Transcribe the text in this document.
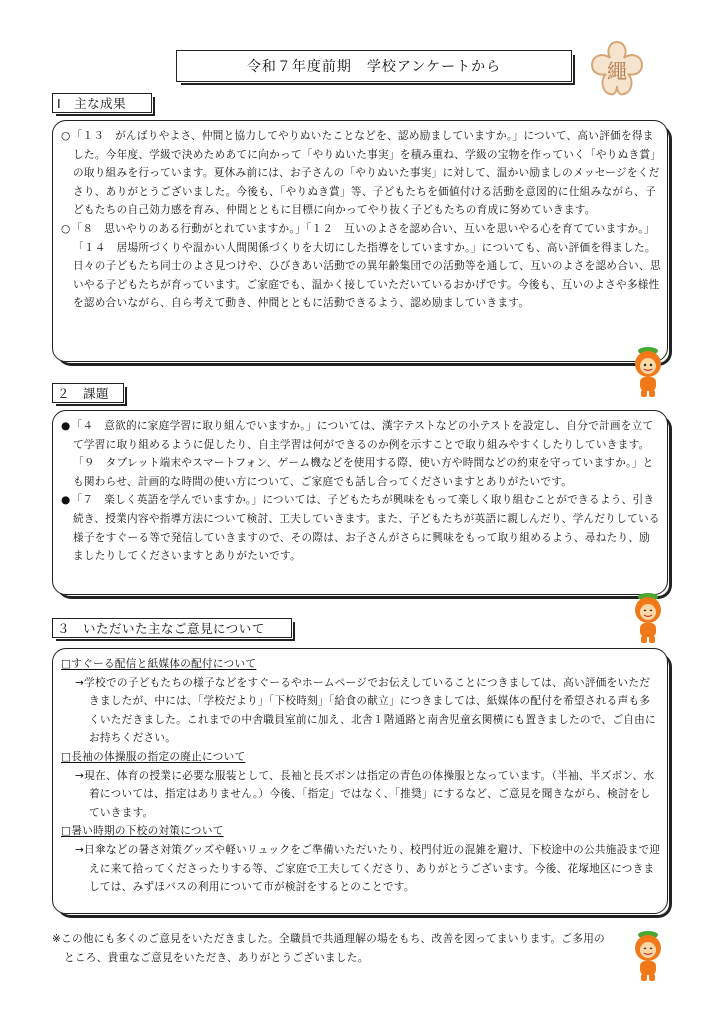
令和７年度前期　学校アンケートから	繩
Ⅰ　主な成果

○「１３　がんばりやよさ、仲間と協力してやりぬいたことなどを、認め励ましていますか。」について、高い評価を得ました。今年度、学級で決めためあてに向かって「やりぬいた事実」を積み重ね、学級の宝物を作っていく「やりぬき賞」の取り組みを行っています。夏休み前には、お子さんの「やりぬいた事実」に対して、温かい励ましのメッセージをくださり、ありがとうございました。今後も、「やりぬき賞」等、子どもたちを価値付ける活動を意図的に仕組みながら、子どもたちの自己効力感を育み、仲間とともに目標に向かってやり抜く子どもたちの育成に努めていきます。

○「８　思いやりのある行動がとれていますか。」「１２　互いのよさを認め合い、互いを思いやる心を育てていますか。」「１４　居場所づくりや温かい人間関係づくりを大切にした指導をしていますか。」についても、高い評価を得ました。日々の子どもたち同士のよさ見つけや、ひびきあい活動での異年齢集団での活動等を通して、互いのよさを認め合い、思いやる子どもたちが育っています。ご家庭でも、温かく接していただいているおかげです。今後も、互いのよさや多様性を認め合いながら、自ら考えて動き、仲間とともに活動できるよう、認め励ましていきます。

２　課題

●「４　意欲的に家庭学習に取り組んでいますか。」については、漢字テストなどの小テストを設定し、自分で計画を立てて学習に取り組めるように促したり、自主学習は何ができるのか例を示すことで取り組みやすくしたりしていきます。「９　タブレット端末やスマートフォン、ゲーム機などを使用する際、使い方や時間などの約束を守っていますか。」とも関わらせ、計画的な時間の使い方について、ご家庭でも話し合ってくださいますとありがたいです。

●「７　楽しく英語を学んでいますか。」については、子どもたちが興味をもって楽しく取り組むことができるよう、引き続き、授業内容や指導方法について検討、工夫していきます。また、子どもたちが英語に親しんだり、学んだりしている様子をすぐーる等で発信していきますので、その際は、お子さんがさらに興味をもって取り組めるよう、尋ねたり、励ましたりしてくださいますとありがたいです。

３　いただいた主なご意見について
□すぐーる配信と紙媒体の配付について
→学校での子どもたちの様子などをすぐーるやホームページでお伝えしていることにつきましては、高い評価をいただきましたが、中には、「学校だより」「下校時刻」「給食の献立」につきましては、紙媒体の配付を希望される声も多くいただきました。これまでの中舎職員室前に加え、北舎１階通路と南舎児童玄関横にも置きましたので、ご自由にお持ちください。
□長袖の体操服の指定の廃止について
→現在、体育の授業に必要な服装として、長袖と長ズボンは指定の青色の体操服となっています。（半袖、半ズボン、水着については、指定はありません。）今後、「指定」ではなく、「推奨」にするなど、ご意見を聞きながら、検討をしていきます。
□暑い時期の下校の対策について
→日傘などの暑さ対策グッズや軽いリュックをご準備いただいたり、校門付近の混雑を避け、下校途中の公共施設まで迎えに来て拾ってくださったりする等、ご家庭で工夫してくださり、ありがとうございます。今後、花塚地区につきましては、みずほバスの利用について市が検討をするとのことです。
※この他にも多くのご意見をいただきました。全職員で共通理解の場をもち、改善を図ってまいります。ご多用のところ、貴重なご意見をいただき、ありがとうございました。
